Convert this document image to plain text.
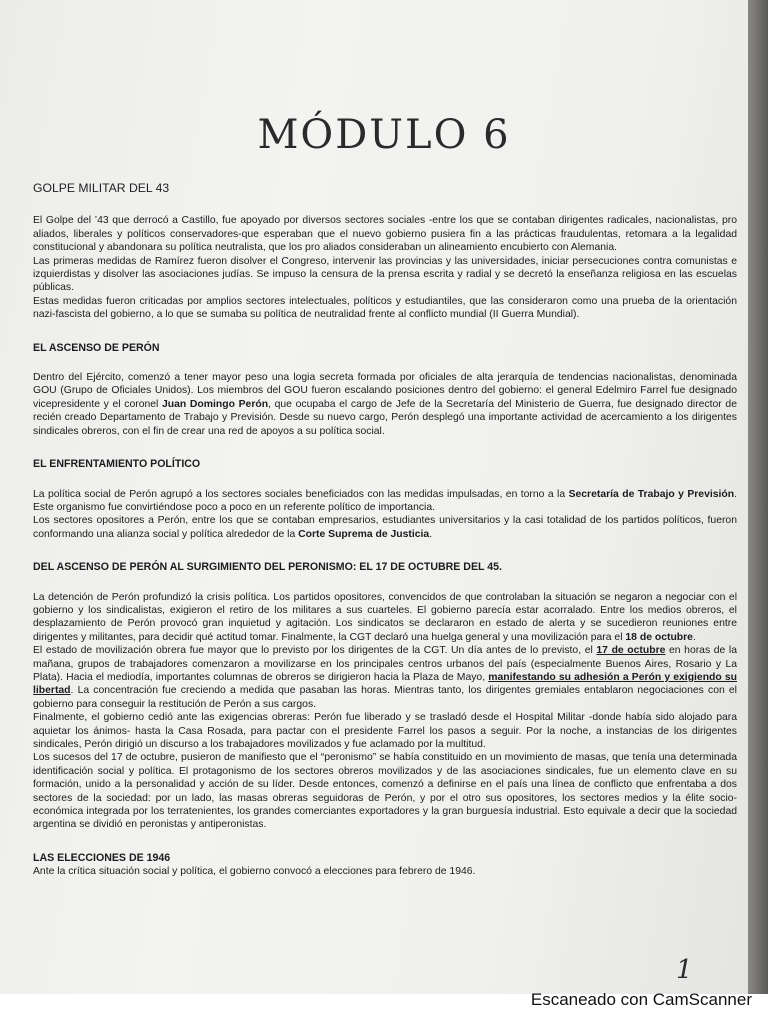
MÓDULO 6
GOLPE MILITAR DEL 43

El Golpe del ’43 que derrocó a Castillo, fue apoyado por diversos sectores sociales -entre los que se contaban dirigentes radicales, nacionalistas, pro aliados, liberales y políticos conservadores-que esperaban que el nuevo gobierno pusiera fin a las prácticas fraudulentas, retomara a la legalidad constitucional y abandonara su política neutralista, que los pro aliados consideraban un alineamiento encubierto con Alemania.

Las primeras medidas de Ramírez fueron disolver el Congreso, intervenir las provincias y las universidades, iniciar persecuciones contra comunistas e izquierdistas y disolver las asociaciones judías. Se impuso la censura de la prensa escrita y radial y se decretó la enseñanza religiosa en las escuelas públicas.

Estas medidas fueron criticadas por amplios sectores intelectuales, políticos y estudiantiles, que las consideraron como una prueba de la orientación nazi-fascista del gobierno, a lo que se sumaba su política de neutralidad frente al conflicto mundial (II Guerra Mundial).

EL ASCENSO DE PERÓN

Dentro del Ejército, comenzó a tener mayor peso una logia secreta formada por oficiales de alta jerarquía de tendencias nacionalistas, denominada GOU (Grupo de Oficiales Unidos). Los miembros del GOU fueron escalando posiciones dentro del gobierno: el general Edelmiro Farrel fue designado vicepresidente y el coronel Juan Domingo Perón, que ocupaba el cargo de Jefe de la Secretaría del Ministerio de Guerra, fue designado director de recién creado Departamento de Trabajo y Previsión. Desde su nuevo cargo, Perón desplegó una importante actividad de acercamiento a los dirigentes sindicales obreros, con el fin de crear una red de apoyos a su política social.

EL ENFRENTAMIENTO POLÍTICO

La política social de Perón agrupó a los sectores sociales beneficiados con las medidas impulsadas, en torno a la Secretaría de Trabajo y Previsión. Este organismo fue convirtiéndose poco a poco en un referente político de importancia.

Los sectores opositores a Perón, entre los que se contaban empresarios, estudiantes universitarios y la casi totalidad de los partidos políticos, fueron conformando una alianza social y política alrededor de la Corte Suprema de Justicia.

DEL ASCENSO DE PERÓN AL SURGIMIENTO DEL PERONISMO: EL 17 DE OCTUBRE DEL 45.

La detención de Perón profundizó la crisis política. Los partidos opositores, convencidos de que controlaban la situación se negaron a negociar con el gobierno y los sindicalistas, exigieron el retiro de los militares a sus cuarteles. El gobierno parecía estar acorralado. Entre los medios obreros, el desplazamiento de Perón provocó gran inquietud y agitación. Los sindicatos se declararon en estado de alerta y se sucedieron reuniones entre dirigentes y militantes, para decidir qué actitud tomar. Finalmente, la CGT declaró una huelga general y una movilización para el 18 de octubre.

El estado de movilización obrera fue mayor que lo previsto por los dirigentes de la CGT. Un día antes de lo previsto, el 17 de octubre en horas de la mañana, grupos de trabajadores comenzaron a movilizarse en los principales centros urbanos del país (especialmente Buenos Aires, Rosario y La Plata). Hacia el mediodía, importantes columnas de obreros se dirigieron hacia la Plaza de Mayo, manifestando su adhesión a Perón y exigiendo su libertad. La concentración fue creciendo a medida que pasaban las horas. Mientras tanto, los dirigentes gremiales entablaron negociaciones con el gobierno para conseguir la restitución de Perón a sus cargos.

Finalmente, el gobierno cedió ante las exigencias obreras: Perón fue liberado y se trasladó desde el Hospital Militar -donde había sido alojado para aquietar los ánimos- hasta la Casa Rosada, para pactar con el presidente Farrel los pasos a seguir. Por la noche, a instancias de los dirigentes sindicales, Perón dirigió un discurso a los trabajadores movilizados y fue aclamado por la multitud.

Los sucesos del 17 de octubre, pusieron de manifiesto que el “peronismo” se había constituido en un movimiento de masas, que tenía una determinada identificación social y política. El protagonismo de los sectores obreros movilizados y de las asociaciones sindicales, fue un elemento clave en su formación, unido a la personalidad y acción de su líder. Desde entonces, comenzó a definirse en el país una línea de conflicto que enfrentaba a dos sectores de la sociedad: por un lado, las masas obreras seguidoras de Perón, y por el otro sus opositores, los sectores medios y la élite socio-económica integrada por los terratenientes, los grandes comerciantes exportadores y la gran burguesía industrial. Esto equivale a decir que la sociedad argentina se dividió en peronistas y antiperonistas.

LAS ELECCIONES DE 1946

Ante la crítica situación social y política, el gobierno convocó a elecciones para febrero de 1946.

1
Escaneado con CamScanner
